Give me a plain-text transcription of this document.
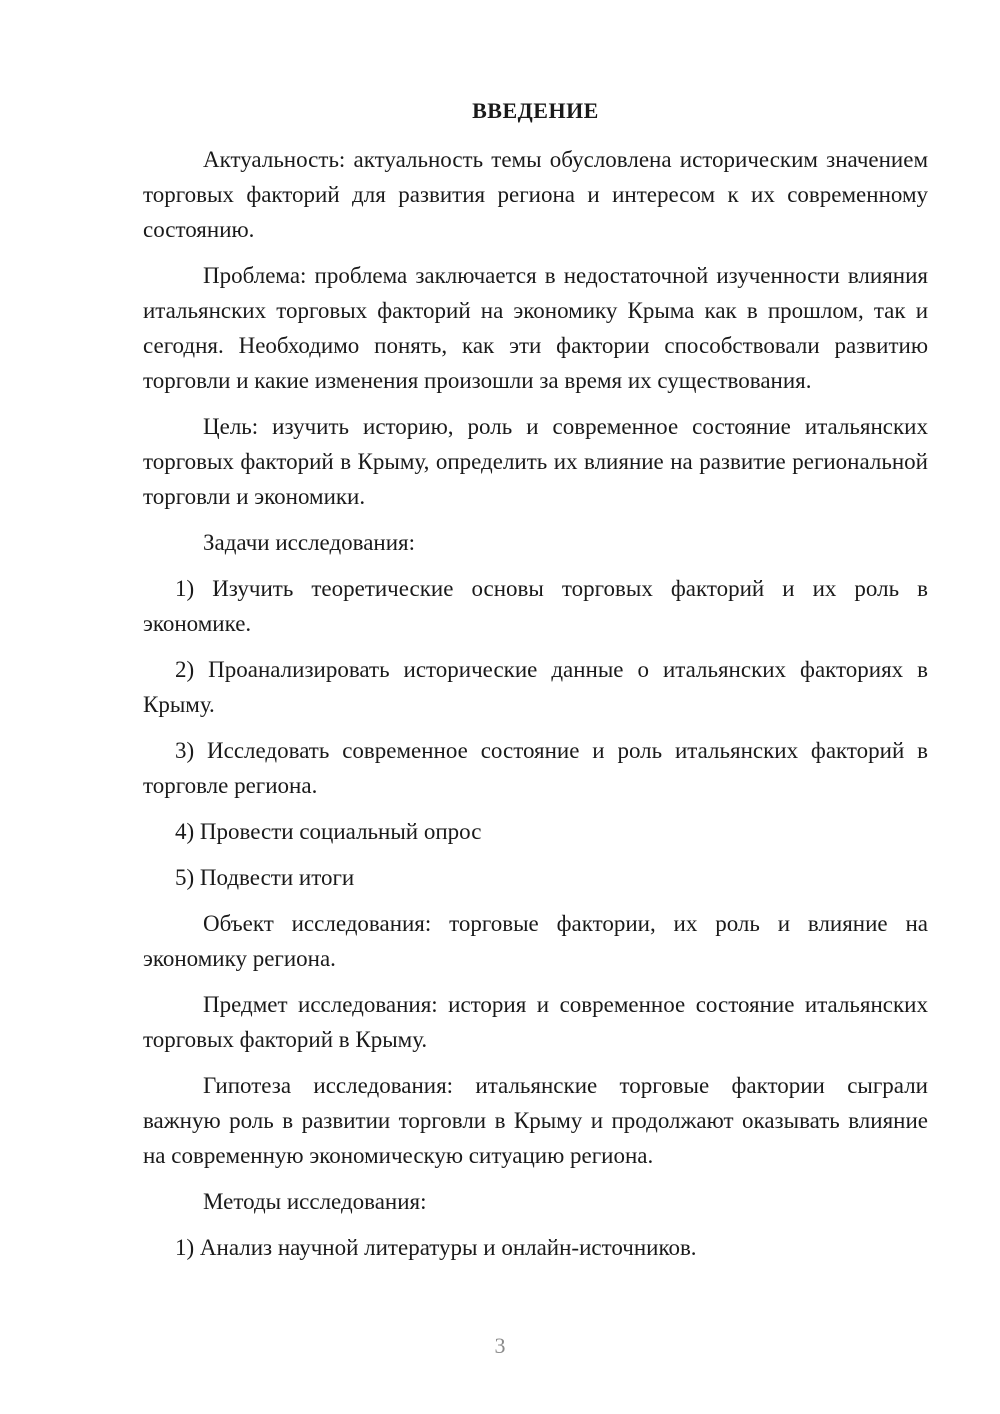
ВВЕДЕНИЕ

Актуальность: актуальность темы обусловлена историческим значением торговых факторий для развития региона и интересом к их современному состоянию.

Проблема: проблема заключается в недостаточной изученности влияния итальянских торговых факторий на экономику Крыма как в прошлом, так и сегодня. Необходимо понять, как эти фактории способствовали развитию торговли и какие изменения произошли за время их существования.

Цель: изучить историю, роль и современное состояние итальянских торговых факторий в Крыму, определить их влияние на развитие региональной торговли и экономики.

Задачи исследования:

1) Изучить теоретические основы торговых факторий и их роль в экономике.

2) Проанализировать исторические данные о итальянских факториях в Крыму.

3) Исследовать современное состояние и роль итальянских факторий в торговле региона.

4) Провести социальный опрос

5) Подвести итоги

Объект исследования: торговые фактории, их роль и влияние на экономику региона.

Предмет исследования: история и современное состояние итальянских торговых факторий в Крыму.

Гипотеза исследования: итальянские торговые фактории сыграли важную роль в развитии торговли в Крыму и продолжают оказывать влияние на современную экономическую ситуацию региона.

Методы исследования:

1) Анализ научной литературы и онлайн-источников.

3
